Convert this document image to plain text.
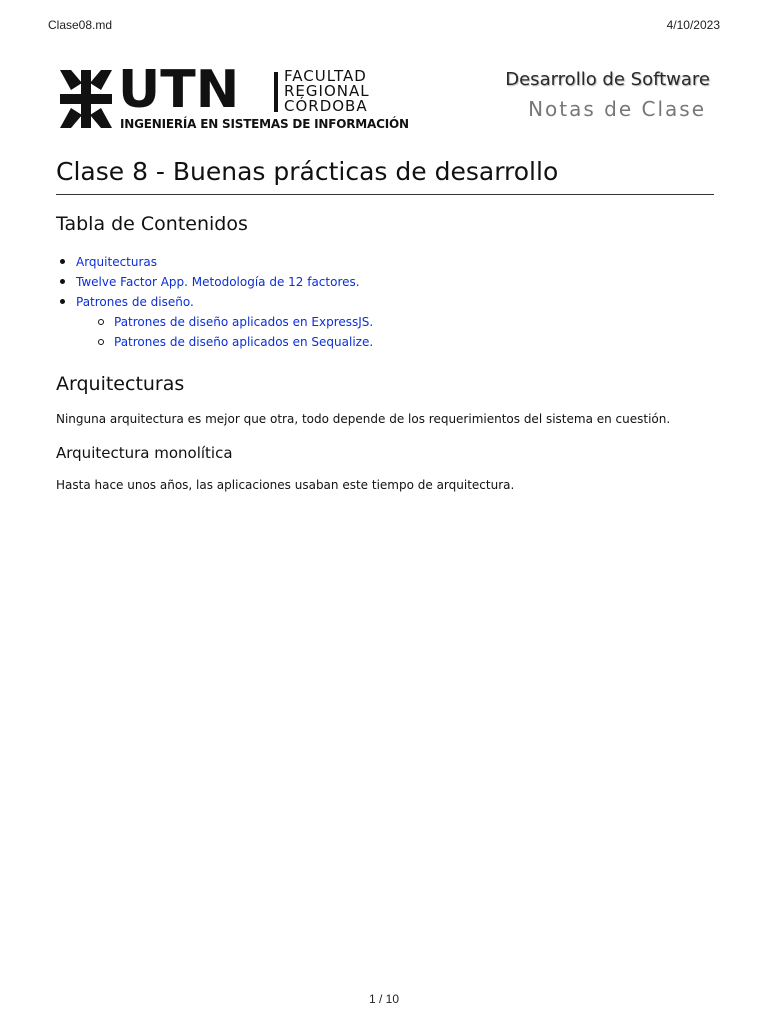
Clase08.md	4/10/2023
UTN	FACULTAD
REGIONAL
CÓRDOBA
INGENIERÍA EN SISTEMAS DE INFORMACIÓN
Desarrollo de Software
Notas de Clase
Clase 8 - Buenas prácticas de desarrollo
Tabla de Contenidos
Arquitecturas
Twelve Factor App. Metodología de 12 factores.
Patrones de diseño.
Patrones de diseño aplicados en ExpressJS.
Patrones de diseño aplicados en Sequalize.
Arquitecturas

Ninguna arquitectura es mejor que otra, todo depende de los requerimientos del sistema en cuestión.

Arquitectura monolítica

Hasta hace unos años, las aplicaciones usaban este tiempo de arquitectura.

1 / 10
